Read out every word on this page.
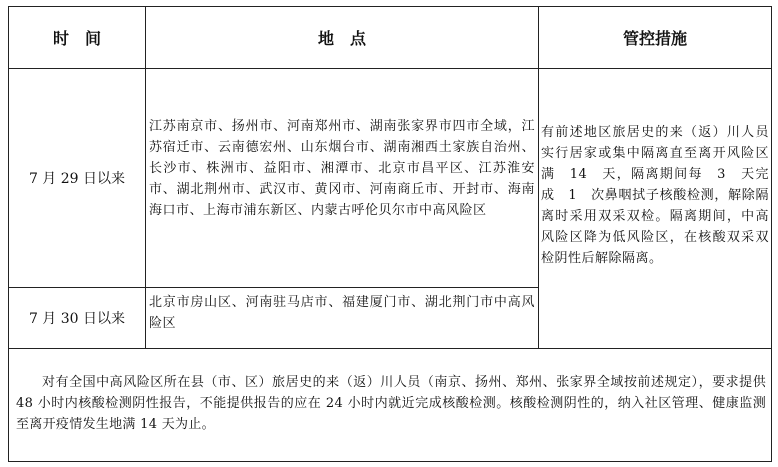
时　间	地　点	管控措施
7 月 29 日以来
江苏南京市、扬州市、河南郑州市、湖南张家界市四市全域，江苏宿迁市、云南德宏州、山东烟台市、湖南湘西土家族自治州、长沙市、株洲市、益阳市、湘潭市、北京市昌平区、江苏淮安市、湖北荆州市、武汉市、黄冈市、河南商丘市、开封市、海南海口市、上海市浦东新区、内蒙古呼伦贝尔市中高风险区
7 月 30 日以来
北京市房山区、河南驻马店市、福建厦门市、湖北荆门市中高风险区
有前述地区旅居史的来（返）川人员实行居家或集中隔离直至离开风险区满　14　天，隔离期间每　3　天完成　1　次鼻咽拭子核酸检测，解除隔离时采用双采双检。隔离期间，中高风险区降为低风险区，在核酸双采双检阴性后解除隔离。
对有全国中高风险区所在县（市、区）旅居史的来（返）川人员（南京、扬州、郑州、张家界全域按前述规定），要求提供 48 小时内核酸检测阴性报告，不能提供报告的应在 24 小时内就近完成核酸检测。核酸检测阴性的，纳入社区管理、健康监测至离开疫情发生地满 14 天为止。
